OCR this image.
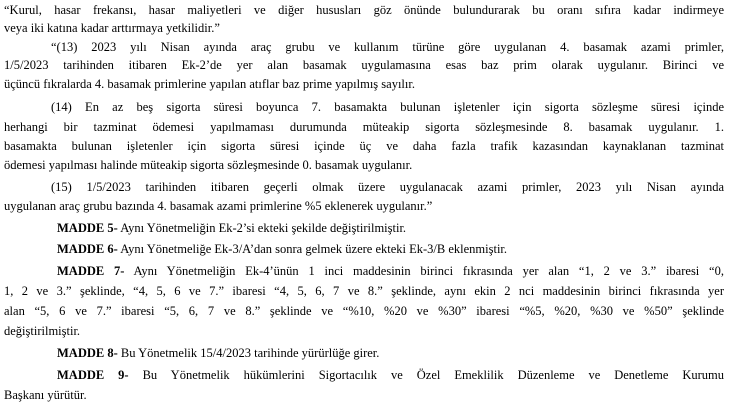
“Kurul, hasar frekansı, hasar maliyetleri ve diğer hususları göz önünde bulundurarak bu oranı sıfıra kadar indirmeye
veya iki katına kadar arttırmaya yetkilidir.”
“(13) 2023 yılı Nisan ayında araç grubu ve kullanım türüne göre uygulanan 4. basamak azami primler,
1/5/2023 tarihinden itibaren Ek-2’de yer alan basamak uygulamasına esas baz prim olarak uygulanır. Birinci ve
üçüncü fıkralarda 4. basamak primlerine yapılan atıflar baz prime yapılmış sayılır.
(14) En az beş sigorta süresi boyunca 7. basamakta bulunan işletenler için sigorta sözleşme süresi içinde
herhangi bir tazminat ödemesi yapılmaması durumunda müteakip sigorta sözleşmesinde 8. basamak uygulanır. 1.
basamakta bulunan işletenler için sigorta süresi içinde üç ve daha fazla trafik kazasından kaynaklanan tazminat
ödemesi yapılması halinde müteakip sigorta sözleşmesinde 0. basamak uygulanır.
(15) 1/5/2023 tarihinden itibaren geçerli olmak üzere uygulanacak azami primler, 2023 yılı Nisan ayında
uygulanan araç grubu bazında 4. basamak azami primlerine %5 eklenerek uygulanır.”
MADDE 5- Aynı Yönetmeliğin Ek-2’si ekteki şekilde değiştirilmiştir.
MADDE 6- Aynı Yönetmeliğe Ek-3/A’dan sonra gelmek üzere ekteki Ek-3/B eklenmiştir.
MADDE 7- Aynı Yönetmeliğin Ek-4’ünün 1 inci maddesinin birinci fıkrasında yer alan “1, 2 ve 3.” ibaresi “0,
1, 2 ve 3.” şeklinde, “4, 5, 6 ve 7.” ibaresi “4, 5, 6, 7 ve 8.” şeklinde, aynı ekin 2 nci maddesinin birinci fıkrasında yer
alan “5, 6 ve 7.” ibaresi “5, 6, 7 ve 8.” şeklinde ve “%10, %20 ve %30” ibaresi “%5, %20, %30 ve %50” şeklinde
değiştirilmiştir.
MADDE 8- Bu Yönetmelik 15/4/2023 tarihinde yürürlüğe girer.
MADDE 9- Bu Yönetmelik hükümlerini Sigortacılık ve Özel Emeklilik Düzenleme ve Denetleme Kurumu
Başkanı yürütür.
